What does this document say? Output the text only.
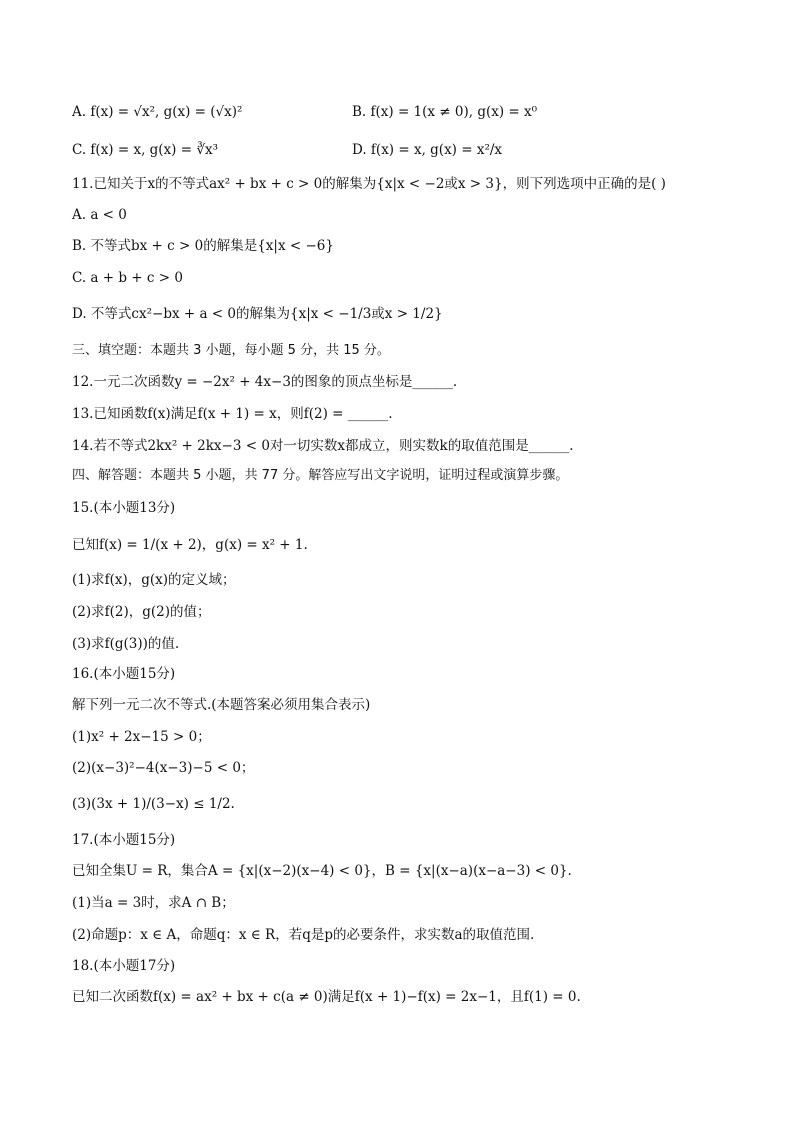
A. f(x) = √x², g(x) = (√x)²	B. f(x) = 1(x ≠ 0), g(x) = x⁰
C. f(x) = x, g(x) = ∛x³	D. f(x) = x, g(x) = x²/x
11.已知关于x的不等式ax² + bx + c > 0的解集为{x|x < −2或x > 3}，则下列选项中正确的是( )
A. a < 0
B. 不等式bx + c > 0的解集是{x|x < −6}
C. a + b + c > 0
D. 不等式cx²−bx + a < 0的解集为{x|x < −1/3或x > 1/2}
三、填空题：本题共 3 小题，每小题 5 分，共 15 分。
12.一元二次函数y = −2x² + 4x−3的图象的顶点坐标是______.
13.已知函数f(x)满足f(x + 1) = x，则f(2) = ______.
14.若不等式2kx² + 2kx−3 < 0对一切实数x都成立，则实数k的取值范围是______.
四、解答题：本题共 5 小题，共 77 分。解答应写出文字说明，证明过程或演算步骤。
15.(本小题13分)
已知f(x) = 1/(x + 2)，g(x) = x² + 1.
(1)求f(x)，g(x)的定义域；
(2)求f(2)，g(2)的值；
(3)求f(g(3))的值.
16.(本小题15分)
解下列一元二次不等式.(本题答案必须用集合表示)
(1)x² + 2x−15 > 0；
(2)(x−3)²−4(x−3)−5 < 0；
(3)(3x + 1)/(3−x) ≤ 1/2.
17.(本小题15分)
已知全集U = R，集合A = {x|(x−2)(x−4) < 0}，B = {x|(x−a)(x−a−3) < 0}.
(1)当a = 3时，求A ∩ B；
(2)命题p：x ∈ A，命题q：x ∈ R，若q是p的必要条件，求实数a的取值范围.
18.(本小题17分)
已知二次函数f(x) = ax² + bx + c(a ≠ 0)满足f(x + 1)−f(x) = 2x−1，且f(1) = 0.
